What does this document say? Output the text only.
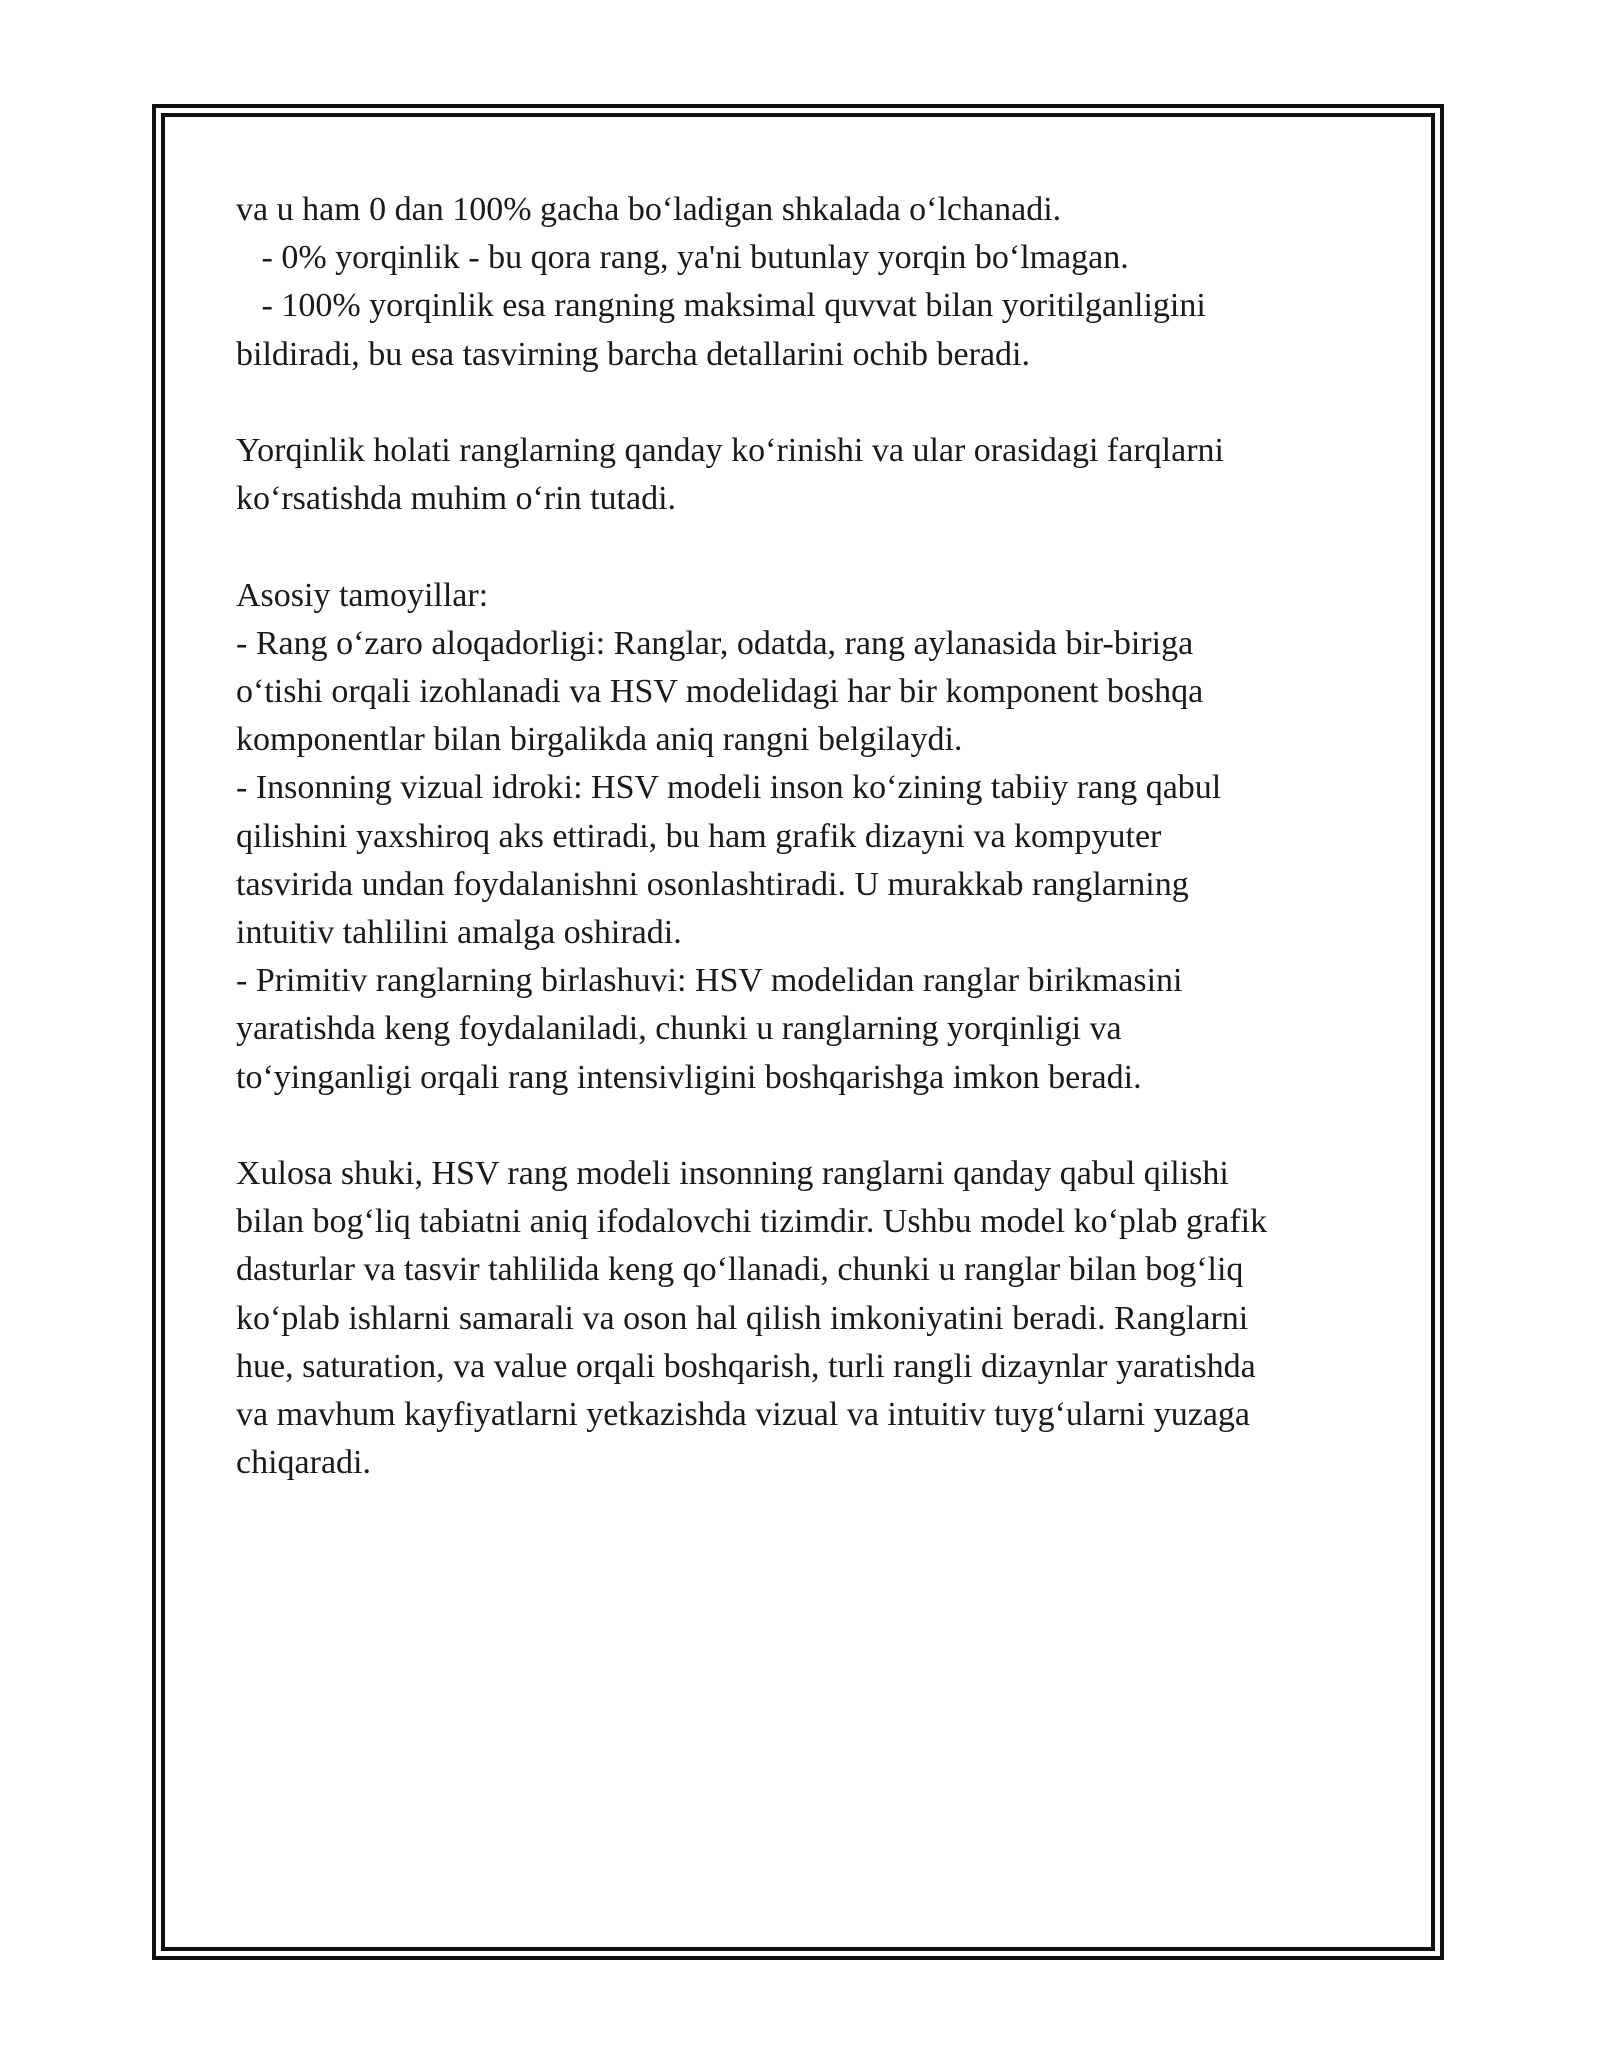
va u ham 0 dan 100% gacha bo‘ladigan shkalada o‘lchanadi.
- 0% yorqinlik - bu qora rang, ya'ni butunlay yorqin bo‘lmagan.
- 100% yorqinlik esa rangning maksimal quvvat bilan yoritilganligini
bildiradi, bu esa tasvirning barcha detallarini ochib beradi.
Yorqinlik holati ranglarning qanday ko‘rinishi va ular orasidagi farqlarni
ko‘rsatishda muhim o‘rin tutadi.
Asosiy tamoyillar:
- Rang o‘zaro aloqadorligi: Ranglar, odatda, rang aylanasida bir-biriga
o‘tishi orqali izohlanadi va HSV modelidagi har bir komponent boshqa
komponentlar bilan birgalikda aniq rangni belgilaydi.
- Insonning vizual idroki: HSV modeli inson ko‘zining tabiiy rang qabul
qilishini yaxshiroq aks ettiradi, bu ham grafik dizayni va kompyuter
tasvirida undan foydalanishni osonlashtiradi. U murakkab ranglarning
intuitiv tahlilini amalga oshiradi.
- Primitiv ranglarning birlashuvi: HSV modelidan ranglar birikmasini
yaratishda keng foydalaniladi, chunki u ranglarning yorqinligi va
to‘yinganligi orqali rang intensivligini boshqarishga imkon beradi.
Xulosa shuki, HSV rang modeli insonning ranglarni qanday qabul qilishi
bilan bog‘liq tabiatni aniq ifodalovchi tizimdir. Ushbu model ko‘plab grafik
dasturlar va tasvir tahlilida keng qo‘llanadi, chunki u ranglar bilan bog‘liq
ko‘plab ishlarni samarali va oson hal qilish imkoniyatini beradi. Ranglarni
hue, saturation, va value orqali boshqarish, turli rangli dizaynlar yaratishda
va mavhum kayfiyatlarni yetkazishda vizual va intuitiv tuyg‘ularni yuzaga
chiqaradi.
